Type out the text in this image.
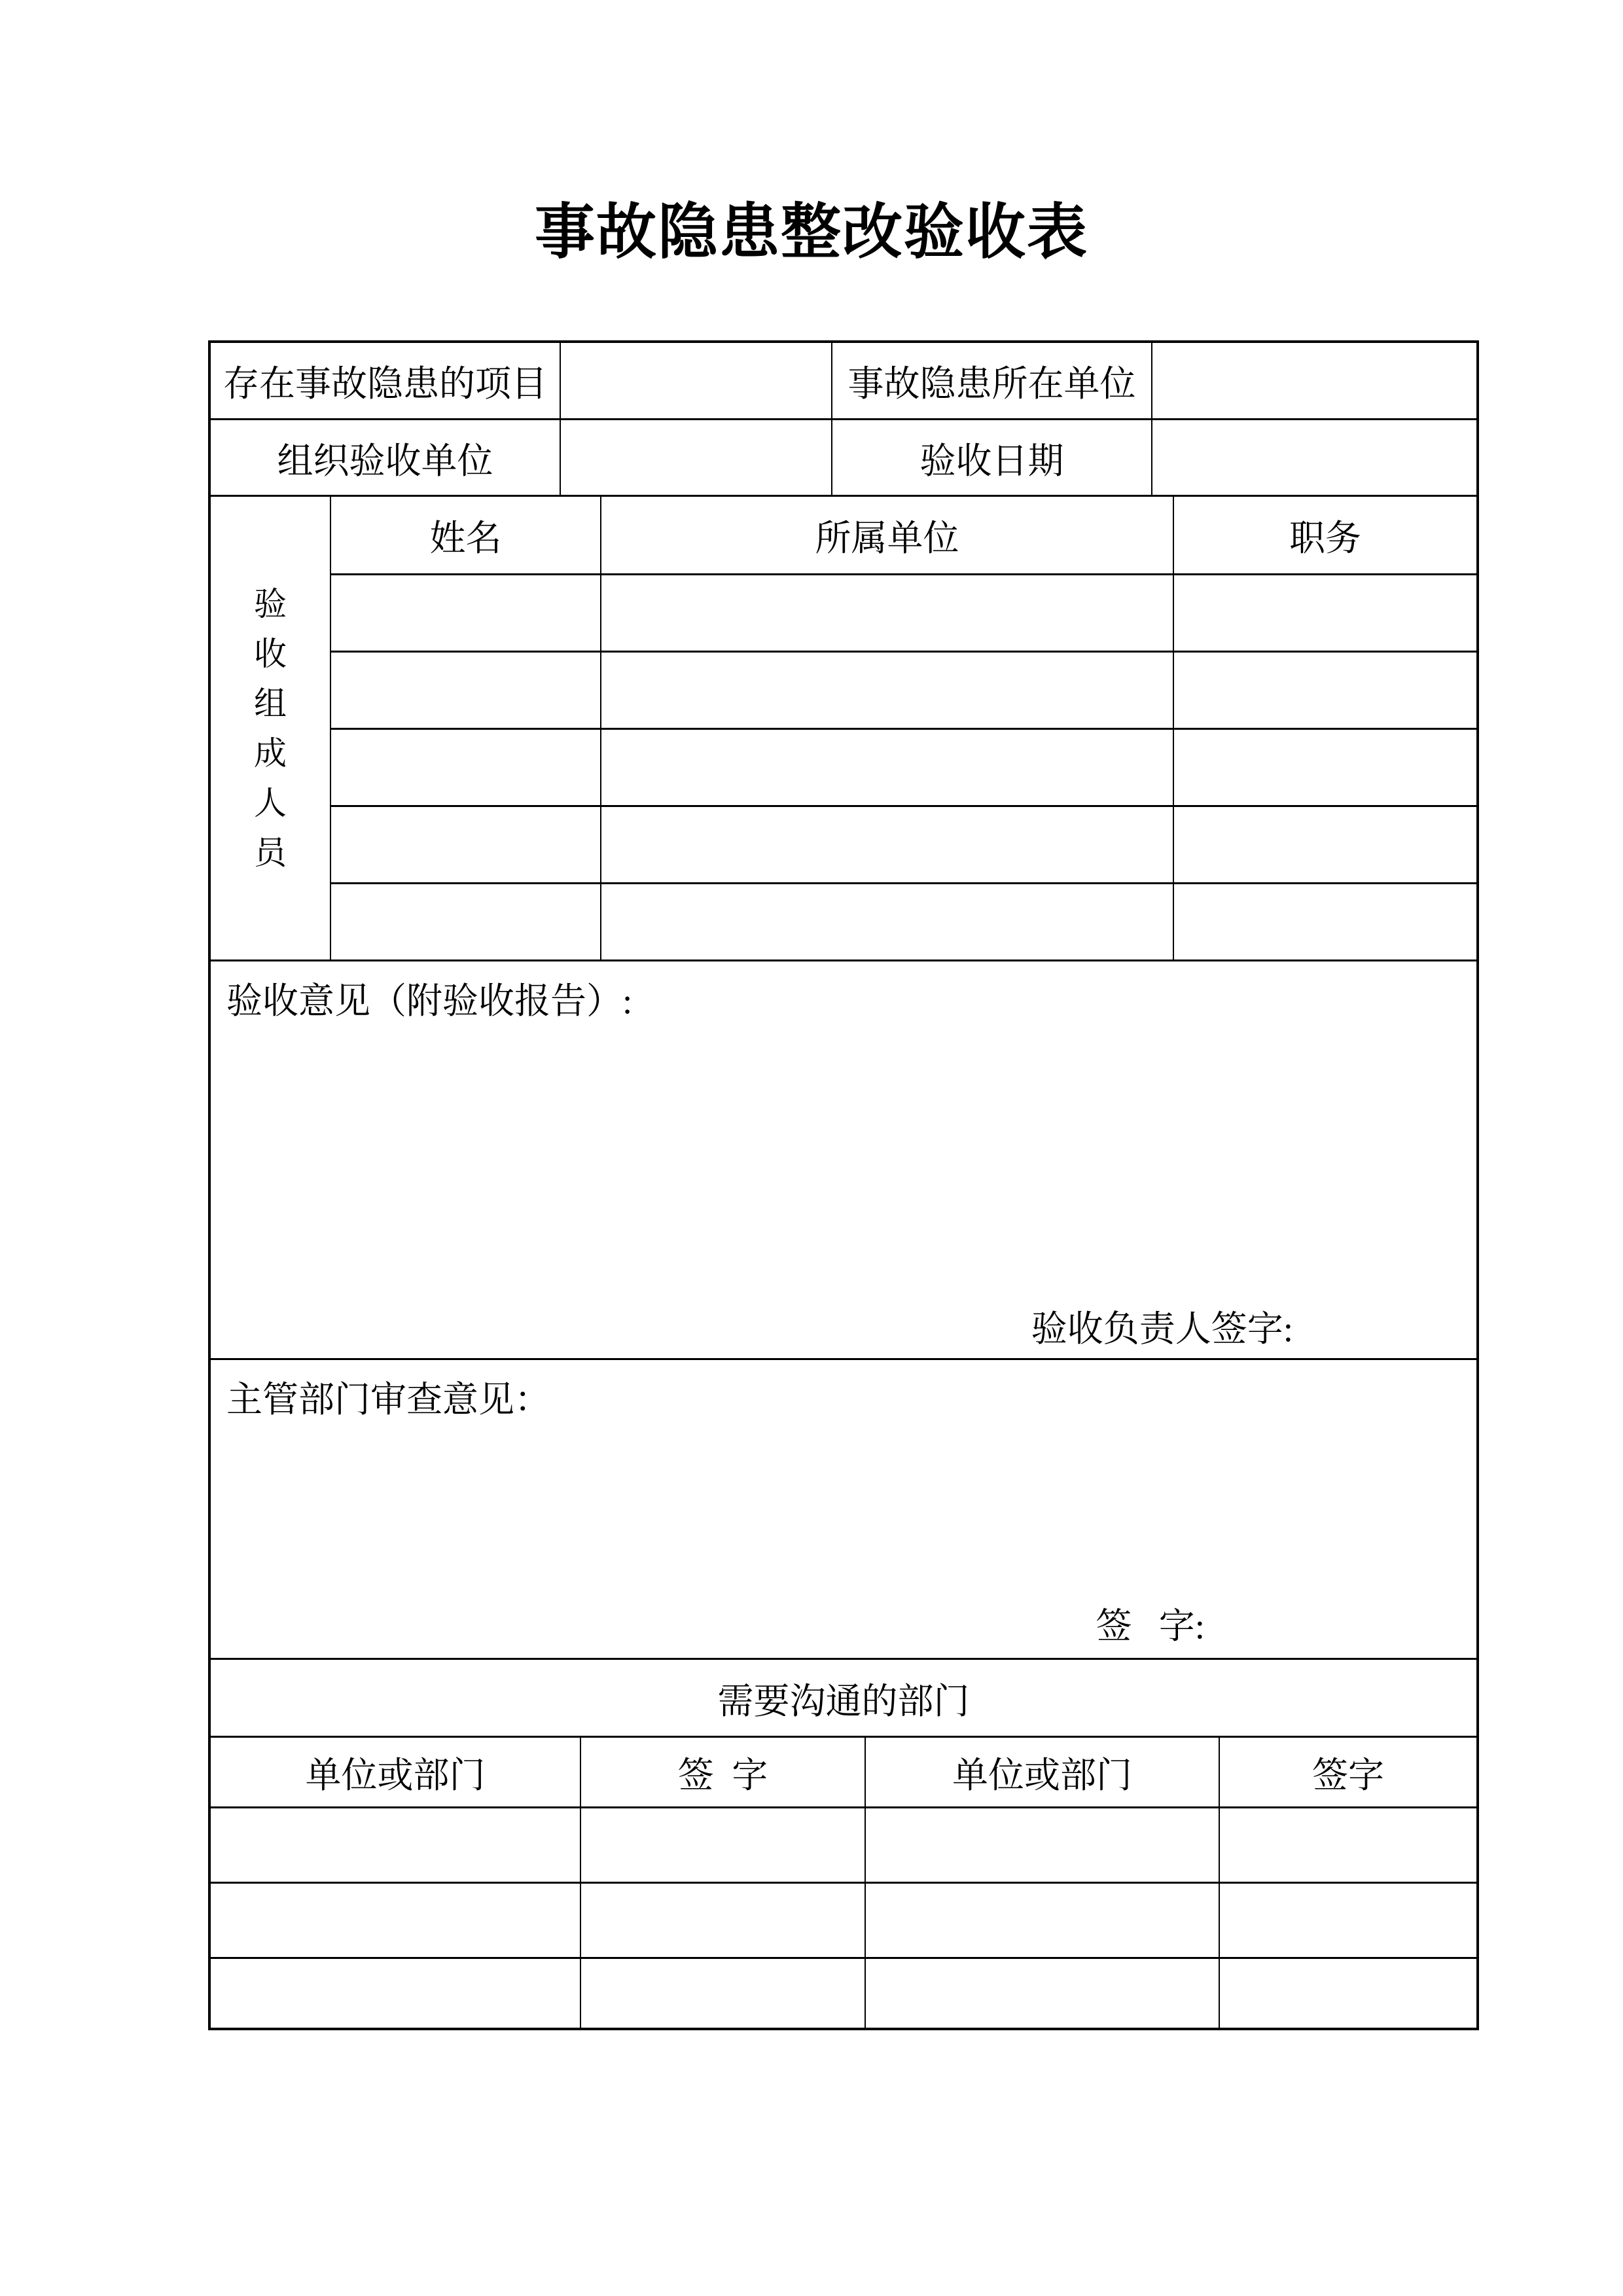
事故隐患整改验收表
存在事故隐患的项目	事故隐患所在单位
组织验收单位	验收日期
验收组成人员
姓名	所属单位	职务
验收意见（附验收报告）:
验收负责人签字:
主管部门审查意见：
签   字:
需要沟通的部门
单位或部门	签  字	单位或部门	签字
